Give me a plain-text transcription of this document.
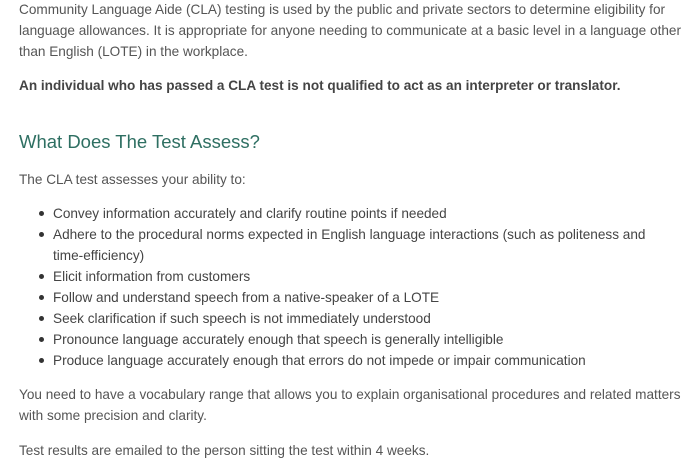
Community Language Aide (CLA) testing is used by the public and private sectors to determine eligibility for language allowances. It is appropriate for anyone needing to communicate at a basic level in a language other than English (LOTE) in the workplace.

An individual who has passed a CLA test is not qualified to act as an interpreter or translator.

What Does The Test Assess?

The CLA test assesses your ability to:

Convey information accurately and clarify routine points if needed
Adhere to the procedural norms expected in English language interactions (such as politeness and time-efficiency)
Elicit information from customers
Follow and understand speech from a native-speaker of a LOTE
Seek clarification if such speech is not immediately understood
Pronounce language accurately enough that speech is generally intelligible
Produce language accurately enough that errors do not impede or impair communication

You need to have a vocabulary range that allows you to explain organisational procedures and related matters with some precision and clarity.

Test results are emailed to the person sitting the test within 4 weeks.
